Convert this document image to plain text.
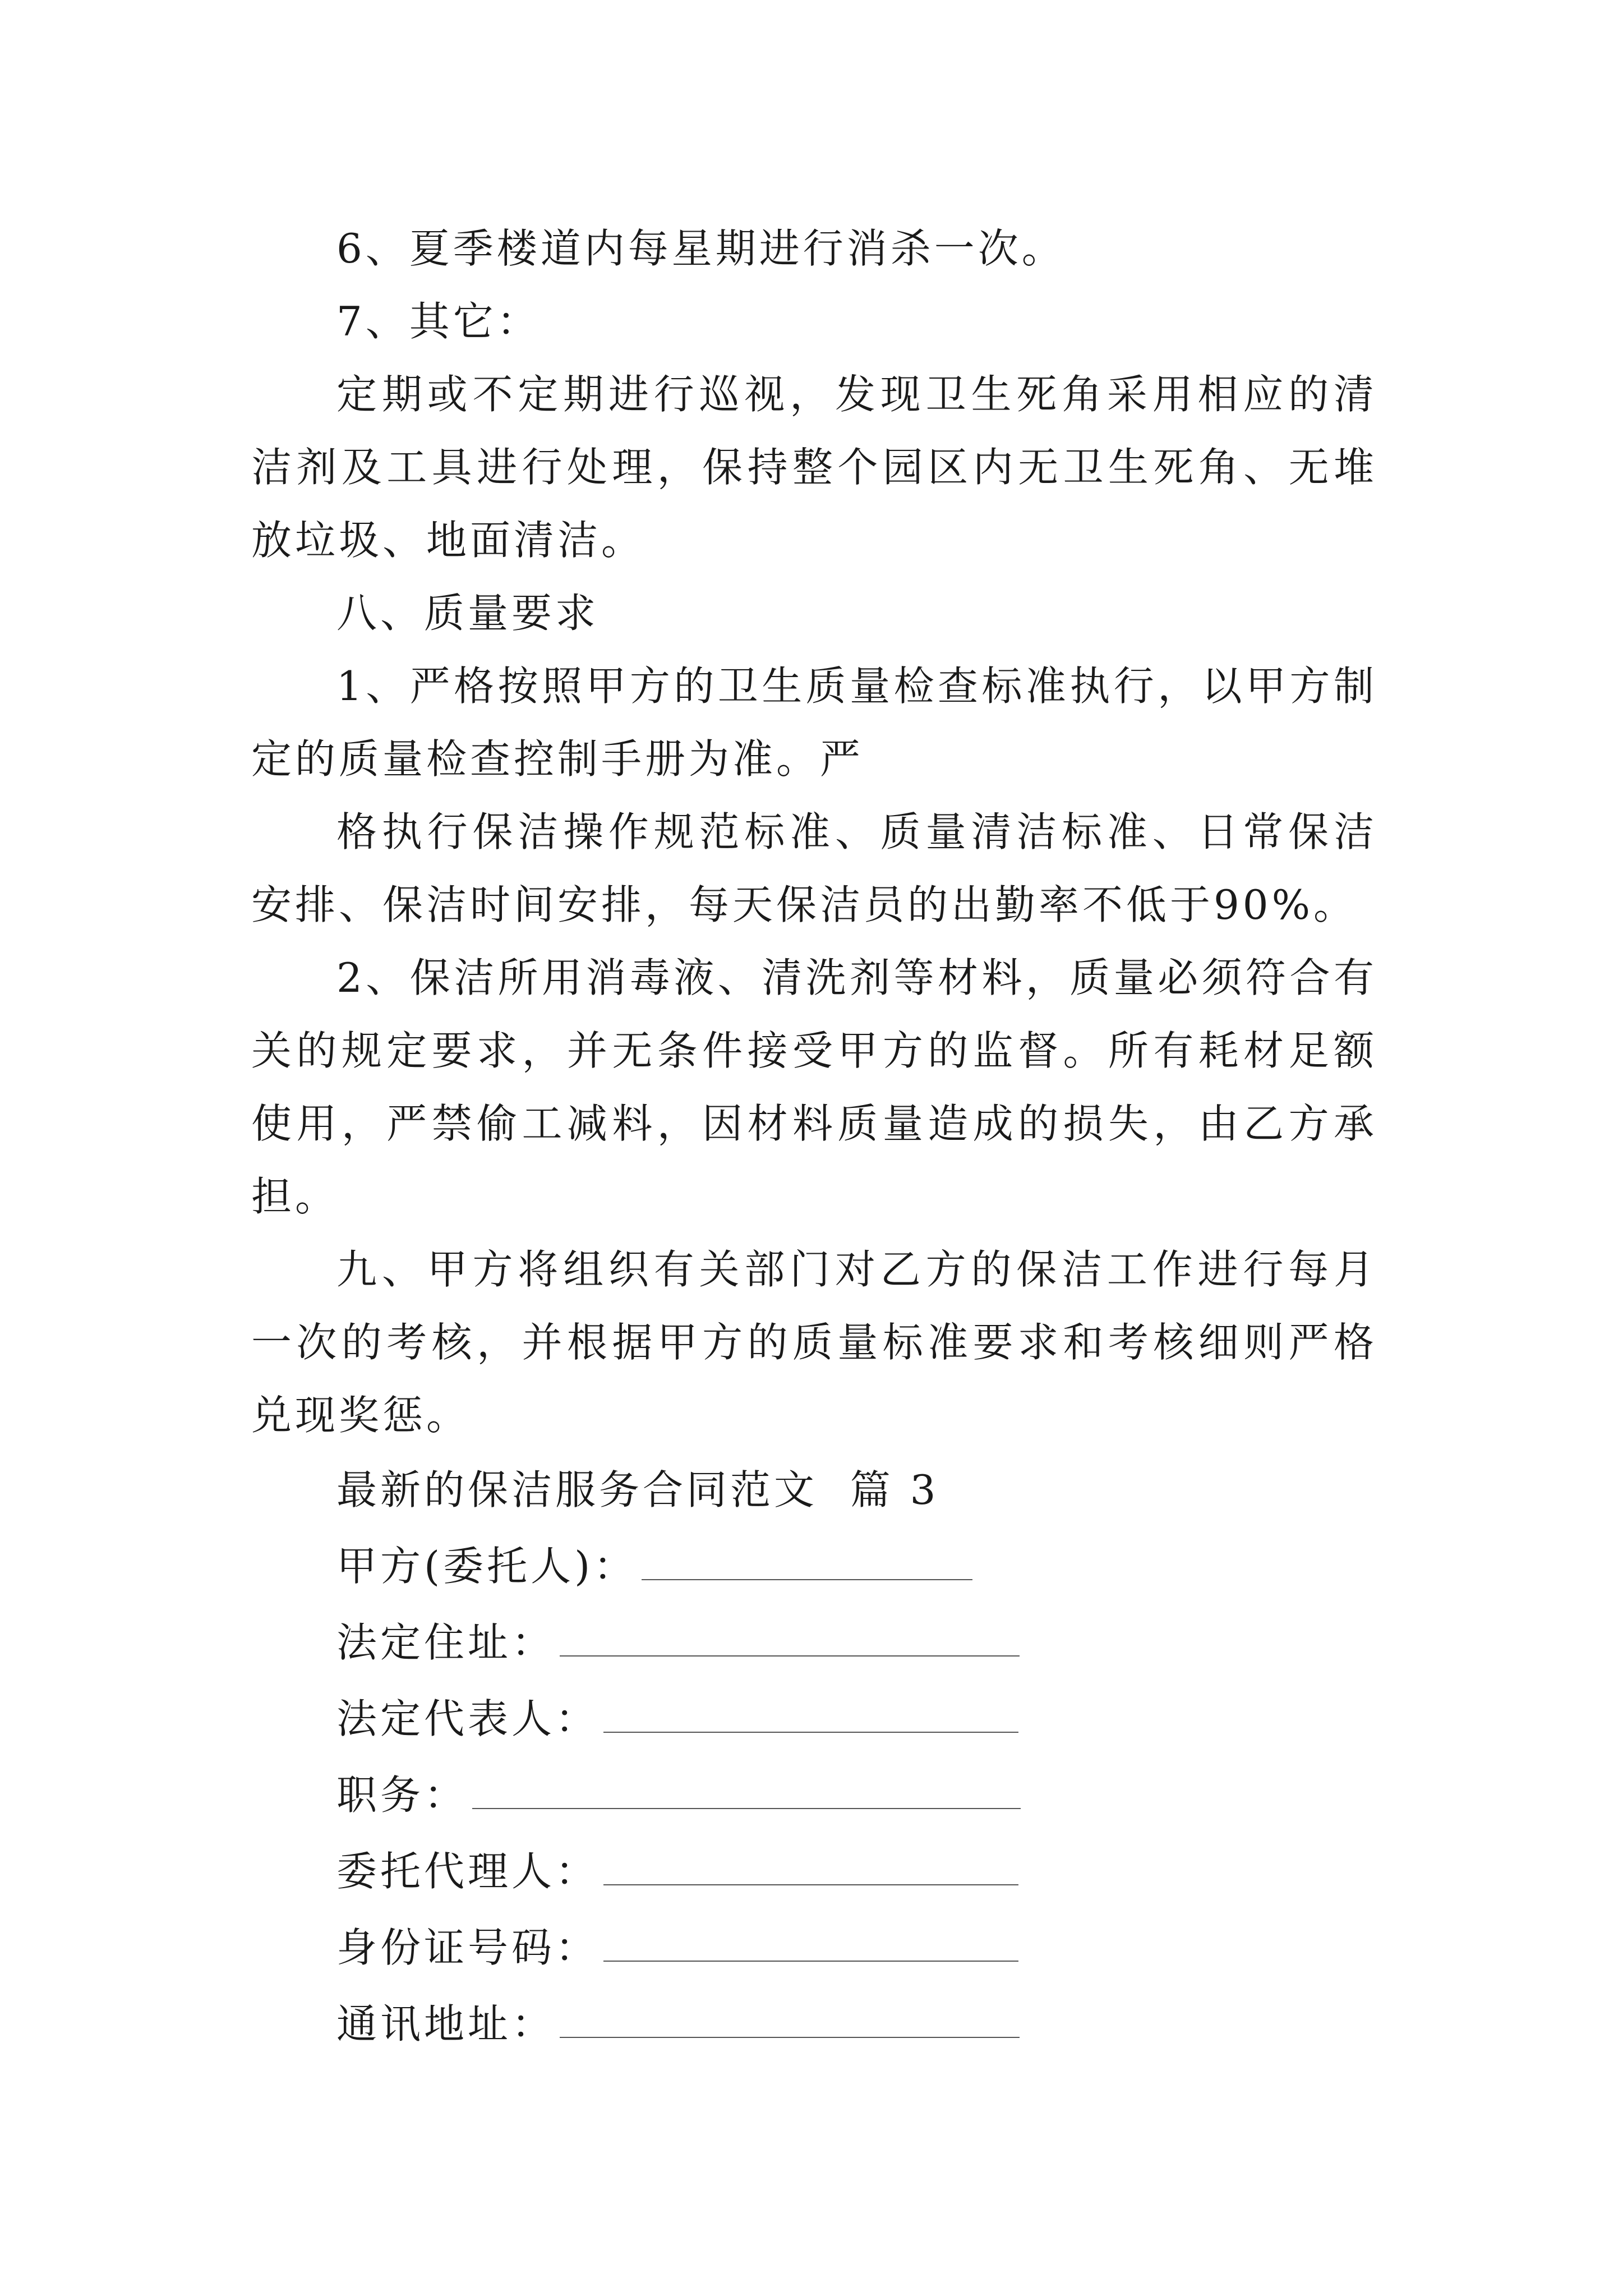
6、夏季楼道内每星期进行消杀一次。

7、其它：

定期或不定期进行巡视，发现卫生死角采用相应的清洁剂及工具进行处理，保持整个园区内无卫生死角、无堆放垃圾、地面清洁。

八、质量要求

1、严格按照甲方的卫生质量检查标准执行，以甲方制定的质量检查控制手册为准。严

格执行保洁操作规范标准、质量清洁标准、日常保洁安排、保洁时间安排，每天保洁员的出勤率不低于90%。

2、保洁所用消毒液、清洗剂等材料，质量必须符合有关的规定要求，并无条件接受甲方的监督。所有耗材足额使用，严禁偷工减料，因材料质量造成的损失，由乙方承担。

九、甲方将组织有关部门对乙方的保洁工作进行每月一次的考核，并根据甲方的质量标准要求和考核细则严格兑现奖惩。

最新的保洁服务合同范文  篇 3

甲方(委托人)：

法定住址：

法定代表人：

职务：

委托代理人：

身份证号码：

通讯地址：
